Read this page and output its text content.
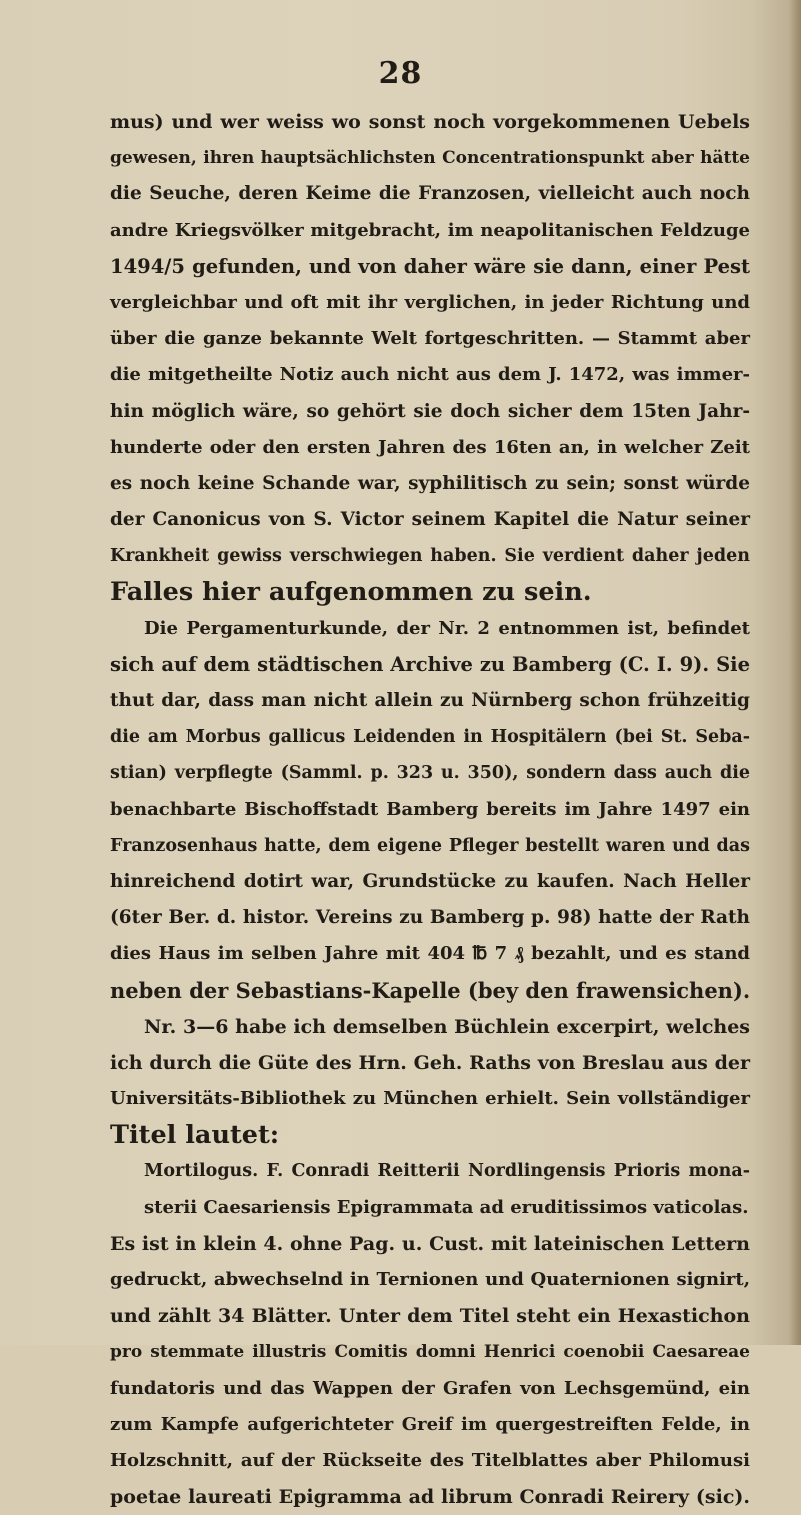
28
mus) und wer weiss wo sonst noch vorgekommenen Uebels
gewesen, ihren hauptsächlichsten Concentrationspunkt aber hätte
die Seuche, deren Keime die Franzosen, vielleicht auch noch
andre Kriegsvölker mitgebracht, im neapolitanischen Feldzuge
1494/5 gefunden, und von daher wäre sie dann, einer Pest
vergleichbar und oft mit ihr verglichen, in jeder Richtung und
über die ganze bekannte Welt fortgeschritten. — Stammt aber
die mitgetheilte Notiz auch nicht aus dem J. 1472, was immer-
hin möglich wäre, so gehört sie doch sicher dem 15ten Jahr-
hunderte oder den ersten Jahren des 16ten an, in welcher Zeit
es noch keine Schande war, syphilitisch zu sein; sonst würde
der Canonicus von S. Victor seinem Kapitel die Natur seiner
Krankheit gewiss verschwiegen haben. Sie verdient daher jeden
Falles hier aufgenommen zu sein.
Die Pergamenturkunde, der Nr. 2 entnommen ist, befindet
sich auf dem städtischen Archive zu Bamberg (C. I. 9). Sie
thut dar, dass man nicht allein zu Nürnberg schon frühzeitig
die am Morbus gallicus Leidenden in Hospitälern (bei St. Seba-
stian) verpflegte (Samml. p. 323 u. 350), sondern dass auch die
benachbarte Bischoffstadt Bamberg bereits im Jahre 1497 ein
Franzosenhaus hatte, dem eigene Pfleger bestellt waren und das
hinreichend dotirt war, Grundstücke zu kaufen. Nach Heller
(6ter Ber. d. histor. Vereins zu Bamberg p. 98) hatte der Rath
dies Haus im selben Jahre mit 404 ℔ 7 ₰ bezahlt, und es stand
neben der Sebastians-Kapelle (bey den frawensichen).
Nr. 3—6 habe ich demselben Büchlein excerpirt, welches
ich durch die Güte des Hrn. Geh. Raths von Breslau aus der
Universitäts-Bibliothek zu München erhielt. Sein vollständiger
Titel lautet:
Mortilogus. F. Conradi Reitterii Nordlingensis Prioris mona-
sterii Caesariensis Epigrammata ad eruditissimos vaticolas.
Es ist in klein 4. ohne Pag. u. Cust. mit lateinischen Lettern
gedruckt, abwechselnd in Ternionen und Quaternionen signirt,
und zählt 34 Blätter. Unter dem Titel steht ein Hexastichon
pro stemmate illustris Comitis domni Henrici coenobii Caesareae
fundatoris und das Wappen der Grafen von Lechsgemünd, ein
zum Kampfe aufgerichteter Greif im quergestreiften Felde, in
Holzschnitt, auf der Rückseite des Titelblattes aber Philomusi
poetae laureati Epigramma ad librum Conradi Reirery (sic).
